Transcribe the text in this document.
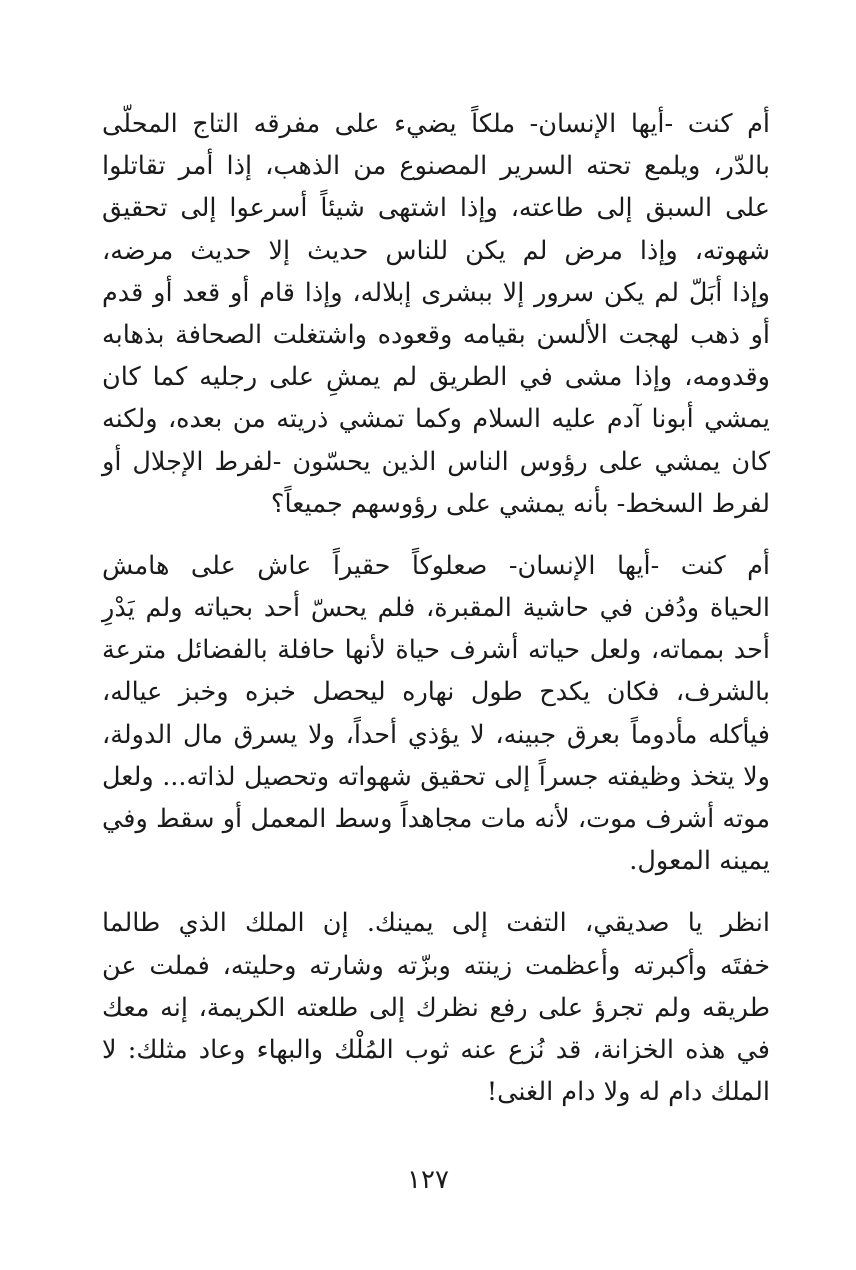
أم كنت -أيها الإنسان- ملكاً يضيء على مفرقه التاج المحلّى
بالدّر، ويلمع تحته السرير المصنوع من الذهب، إذا أمر تقاتلوا
على السبق إلى طاعته، وإذا اشتهى شيئاً أسرعوا إلى تحقيق
شهوته، وإذا مرض لم يكن للناس حديث إلا حديث مرضه،
وإذا أبَلّ لم يكن سرور إلا ببشرى إبلاله، وإذا قام أو قعد أو قدم
أو ذهب لهجت الألسن بقيامه وقعوده واشتغلت الصحافة بذهابه
وقدومه، وإذا مشى في الطريق لم يمشِ على رجليه كما كان
يمشي أبونا آدم عليه السلام وكما تمشي ذريته من بعده، ولكنه
كان يمشي على رؤوس الناس الذين يحسّون -لفرط الإجلال أو
لفرط السخط- بأنه يمشي على رؤوسهم جميعاً؟

أم كنت -أيها الإنسان- صعلوكاً حقيراً عاش على هامش
الحياة ودُفن في حاشية المقبرة، فلم يحسّ أحد بحياته ولم يَدْرِ
أحد بمماته، ولعل حياته أشرف حياة لأنها حافلة بالفضائل مترعة
بالشرف، فكان يكدح طول نهاره ليحصل خبزه وخبز عياله،
فيأكله مأدوماً بعرق جبينه، لا يؤذي أحداً، ولا يسرق مال الدولة،
ولا يتخذ وظيفته جسراً إلى تحقيق شهواته وتحصيل لذاته... ولعل
موته أشرف موت، لأنه مات مجاهداً وسط المعمل أو سقط وفي
يمينه المعول.

انظر يا صديقي، التفت إلى يمينك. إن الملك الذي طالما
خفتَه وأكبرته وأعظمت زينته وبزّته وشارته وحليته، فملت عن
طريقه ولم تجرؤ على رفع نظرك إلى طلعته الكريمة، إنه معك
في هذه الخزانة، قد نُزع عنه ثوب المُلْك والبهاء وعاد مثلك: لا
الملك دام له ولا دام الغنى!

١٢٧
